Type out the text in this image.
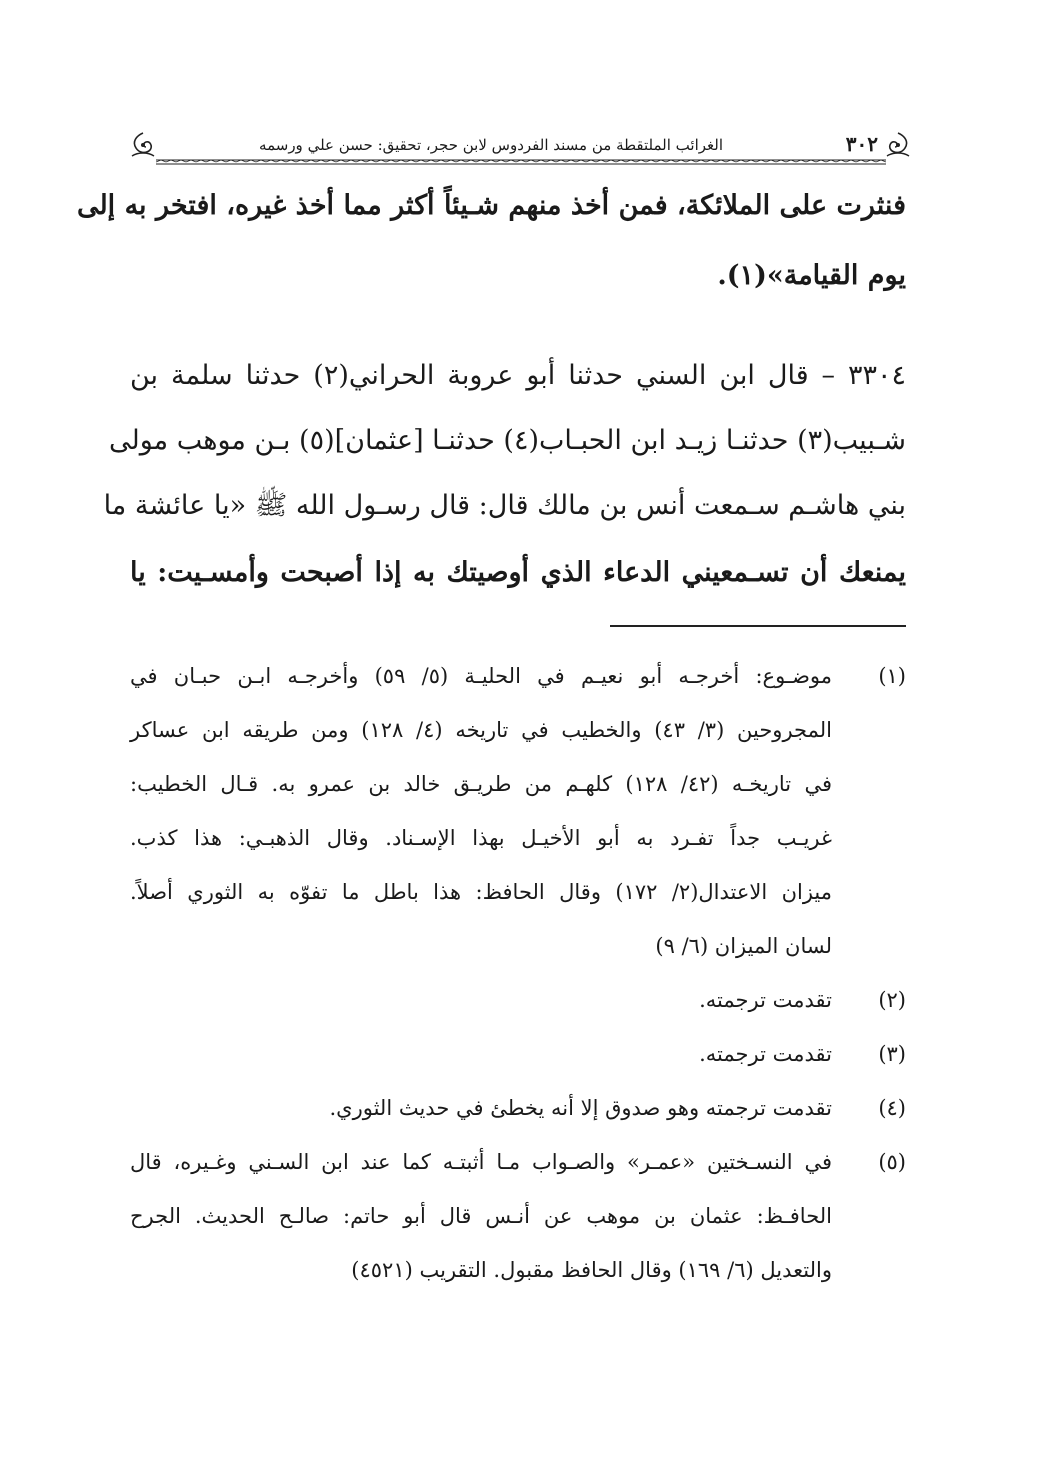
٣٠٢
الغرائب الملتقطة من مسند الفردوس لابن حجر، تحقيق: حسن علي ورسمه
فنثرت على الملائكة، فمن أخذ منهم شـيئاً أكثر مما أخذ غيره، افتخر به إلى
يوم القيامة»(١).
٣٣٠٤ – قال ابن السني حدثنا أبو عروبة الحراني(٢) حدثنا سلمة بن
شـبيب(٣) حدثنـا زيـد ابن الحبـاب(٤) حدثنـا [عثمان](٥) بـن موهب مولى
بني هاشـم سـمعت أنس بن مالك قال: قال رسـول الله ﷺ «يا عائشة ما
يمنعك أن تسـمعيني الدعاء الذي أوصيتك به إذا أصبحت وأمسـيت: يا
(١)
موضـوع: أخرجـه أبو نعيـم في الحليـة (٥/ ٥٩) وأخرجـه ابـن حبـان في
المجروحين (٣/ ٤٣) والخطيب في تاريخه (٤/ ١٢٨) ومن طريقه ابن عساكر
في تاريخـه (٤٢/ ١٢٨) كلهـم من طريـق خالد بن عمرو به. قـال الخطيب:
غريـب جداً تفـرد به أبو الأخيـل بهذا الإسـناد. وقال الذهبـي: هذا كذب.
ميزان الاعتدال(٢/ ١٧٢) وقال الحافظ: هذا باطل ما تفوّه به الثوري أصلاً.
لسان الميزان (٦/ ٩)
(٢)
تقدمت ترجمته.
(٣)
تقدمت ترجمته.
(٤)
تقدمت ترجمته وهو صدوق إلا أنه يخطئ في حديث الثوري.
(٥)
في النسـختين «عمـر» والصـواب مـا أثبتـه كما عند ابن السـني وغـيره، قال
الحافـظ: عثمان بن موهب عن أنـس قال أبو حاتم: صالـح الحديث. الجرح
والتعديل (٦/ ١٦٩) وقال الحافظ مقبول. التقريب (٤٥٢١)
